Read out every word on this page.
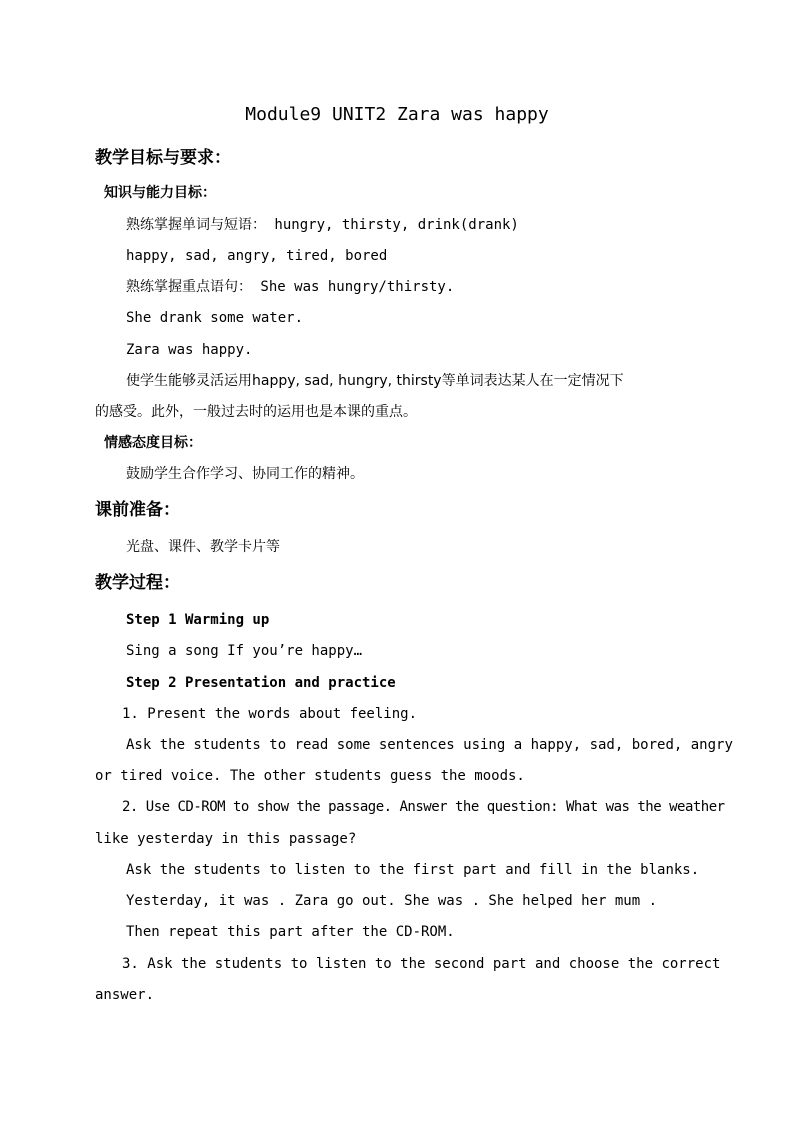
Module9 UNIT2 Zara was happy
教学目标与要求：
知识与能力目标：
熟练掌握单词与短语： hungry, thirsty, drink(drank)
happy, sad, angry, tired, bored
熟练掌握重点语句： She was hungry/thirsty.
She drank some water.
Zara was happy.
使学生能够灵活运用happy, sad, hungry, thirsty等单词表达某人在一定情况下
的感受。此外，一般过去时的运用也是本课的重点。
情感态度目标：
鼓励学生合作学习、协同工作的精神。
课前准备：
光盘、课件、教学卡片等
教学过程：
Step 1 Warming up
Sing a song If you’re happy…
Step 2 Presentation and practice
1. Present the words about feeling.
Ask the students to read some sentences using a happy, sad, bored, angry
or tired voice. The other students guess the moods.
2. Use CD-ROM to show the passage. Answer the question: What was the weather
like yesterday in this passage?
Ask the students to listen to the first part and fill in the blanks.
Yesterday, it was . Zara go out. She was . She helped her mum .
Then repeat this part after the CD-ROM.
3. Ask the students to listen to the second part and choose the correct
answer.
